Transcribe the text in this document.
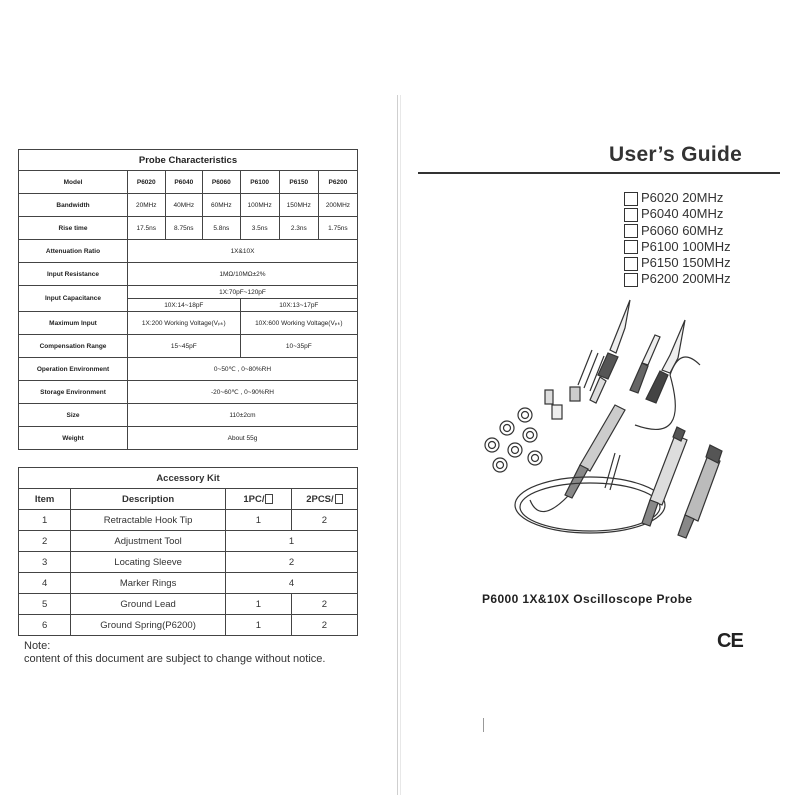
Probe Characteristics						
Model	P6020	P6040	P6060	P6100	P6150	P6200
Bandwidth	20MHz	40MHz	60MHz	100MHz	150MHz	200MHz
Rise time	17.5ns	8.75ns	5.8ns	3.5ns	2.3ns	1.75ns
Attenuation Ratio	1X&10X					
Input Resistance	1MΩ/10MΩ±2%					
Input Capacitance	1X:70pF~120pF					
	10X:14~18pF			10X:13~17pF		
Maximum Input	1X:200 Working Voltage(Vₚₖ)			10X:600 Working Voltage(Vₚₖ)		
Compensation Range	15~45pF			10~35pF		
Operation Environment	0~50℃ , 0~80%RH					
Storage Environment	-20~60℃ , 0~90%RH					
Size	110±2cm					
Weight	About 55g					
Accessory Kit			
Item	Description	1PC/	2PCS/
1	Retractable Hook Tip	1	2
2	Adjustment Tool	1	
3	Locating Sleeve	2	
4	Marker Rings	4	
5	Ground Lead	1	2
6	Ground Spring(P6200)	1	2
Note:
content of this document are subject to change without notice.
User’s Guide
P6020 20MHz
P6040 40MHz
P6060 60MHz
P6100 100MHz
P6150 150MHz
P6200 200MHz
P6000 1X&10X Oscilloscope Probe
CE
